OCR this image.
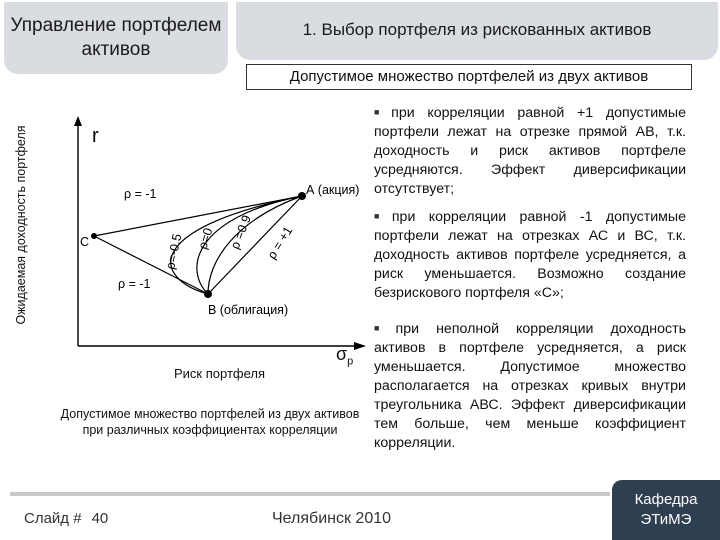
Управление портфелем активов
1. Выбор портфеля из рискованных активов
Допустимое множество портфелей из двух активов
Ожидаемая доходность портфеля	r
А (акция)
В (облигация)
С
ρ = -1
ρ = -1
ρ=-0.5 ρ=0 ρ =0.9 ρ = +1
$\sigma_p$
Риск портфеля
Допустимое множество портфелей из двух активов при различных коэффициентах корреляции
■ при корреляции равной +1 допустимые портфели лежат на отрезке прямой АВ, т.к. доходность и риск активов портфеле усредняются. Эффект диверсификации отсутствует;
■ при корреляции равной -1 допустимые портфели лежат на отрезках АС и ВС, т.к. доходность активов портфеле усредняется, а риск уменьшается. Возможно создание безрискового портфеля «С»;
■ при неполной корреляции доходность активов в портфеле усредняется, а риск уменьшается. Допустимое множество располагается на отрезках кривых внутри треугольника АВС. Эффект диверсификации тем больше, чем меньше коэффициент корреляции.
Слайд # 40	Челябинск 2010
Кафедра ЭТиМЭ
